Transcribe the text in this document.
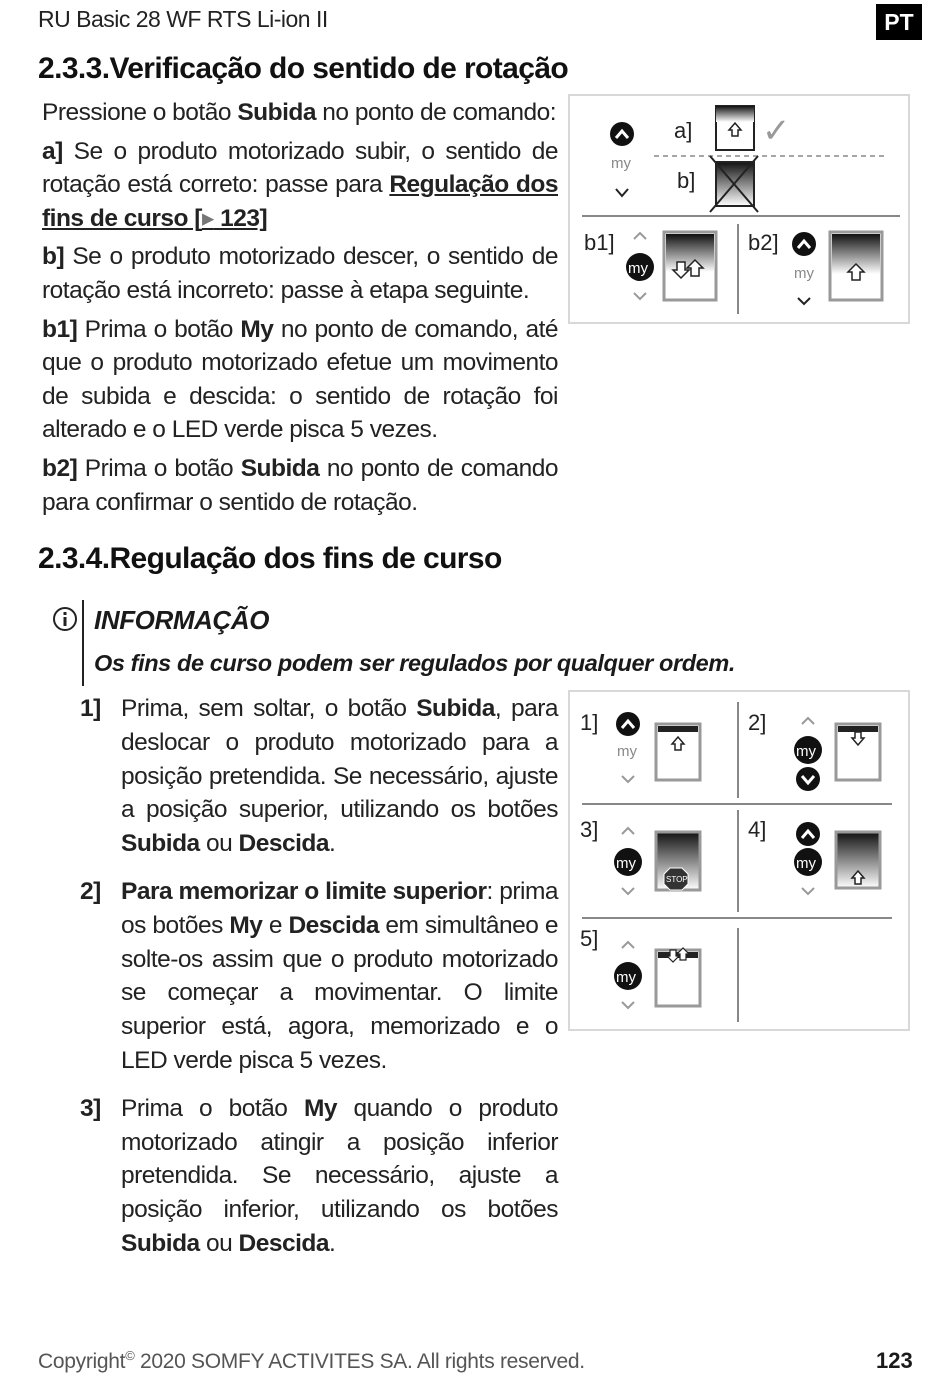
RU Basic 28 WF RTS Li-ion II	PT
2.3.3.Verificação do sentido de rotação

Pressione o botão Subida no ponto de comando:

a] Se o produto motorizado subir, o sentido de rotação está correto: passe para Regulação dos fins de curso [▸ 123]

b] Se o produto motorizado descer, o sentido de rotação está incorreto: passe à etapa seguinte.

b1] Prima o botão My no ponto de comando, até que o produto motorizado efetue um movimento de subida e descida: o sentido de rotação foi alterado e o LED verde pisca 5 vezes.

b2] Prima o botão Subida no ponto de comando para confirmar o sentido de rotação.

my
a]
b]
✓
b1]
my
b2]
my
2.3.4.Regulação dos fins de curso
INFORMAÇÃO
Os fins de curso podem ser regulados por qualquer ordem.
1] Prima, sem soltar, o botão Subida, para deslocar o produto motorizado para a posição pretendida. Se necessário, ajuste a posição superior, utilizando os botões Subida ou Descida.
2] Para memorizar o limite superior: prima os botões My e Descida em simultâneo e solte-os assim que o produto motorizado se começar a movimentar. O limite superior está, agora, memorizado e o LED verde pisca 5 vezes.
3] Prima o botão My quando o produto motorizado atingir a posição inferior pretendida. Se necessário, ajuste a posição inferior, utilizando os botões Subida ou Descida.
1]
my
2]
my
3]
my
STOP
4]
my
5]
my
Copyright© 2020 SOMFY ACTIVITES SA. All rights reserved.	123
